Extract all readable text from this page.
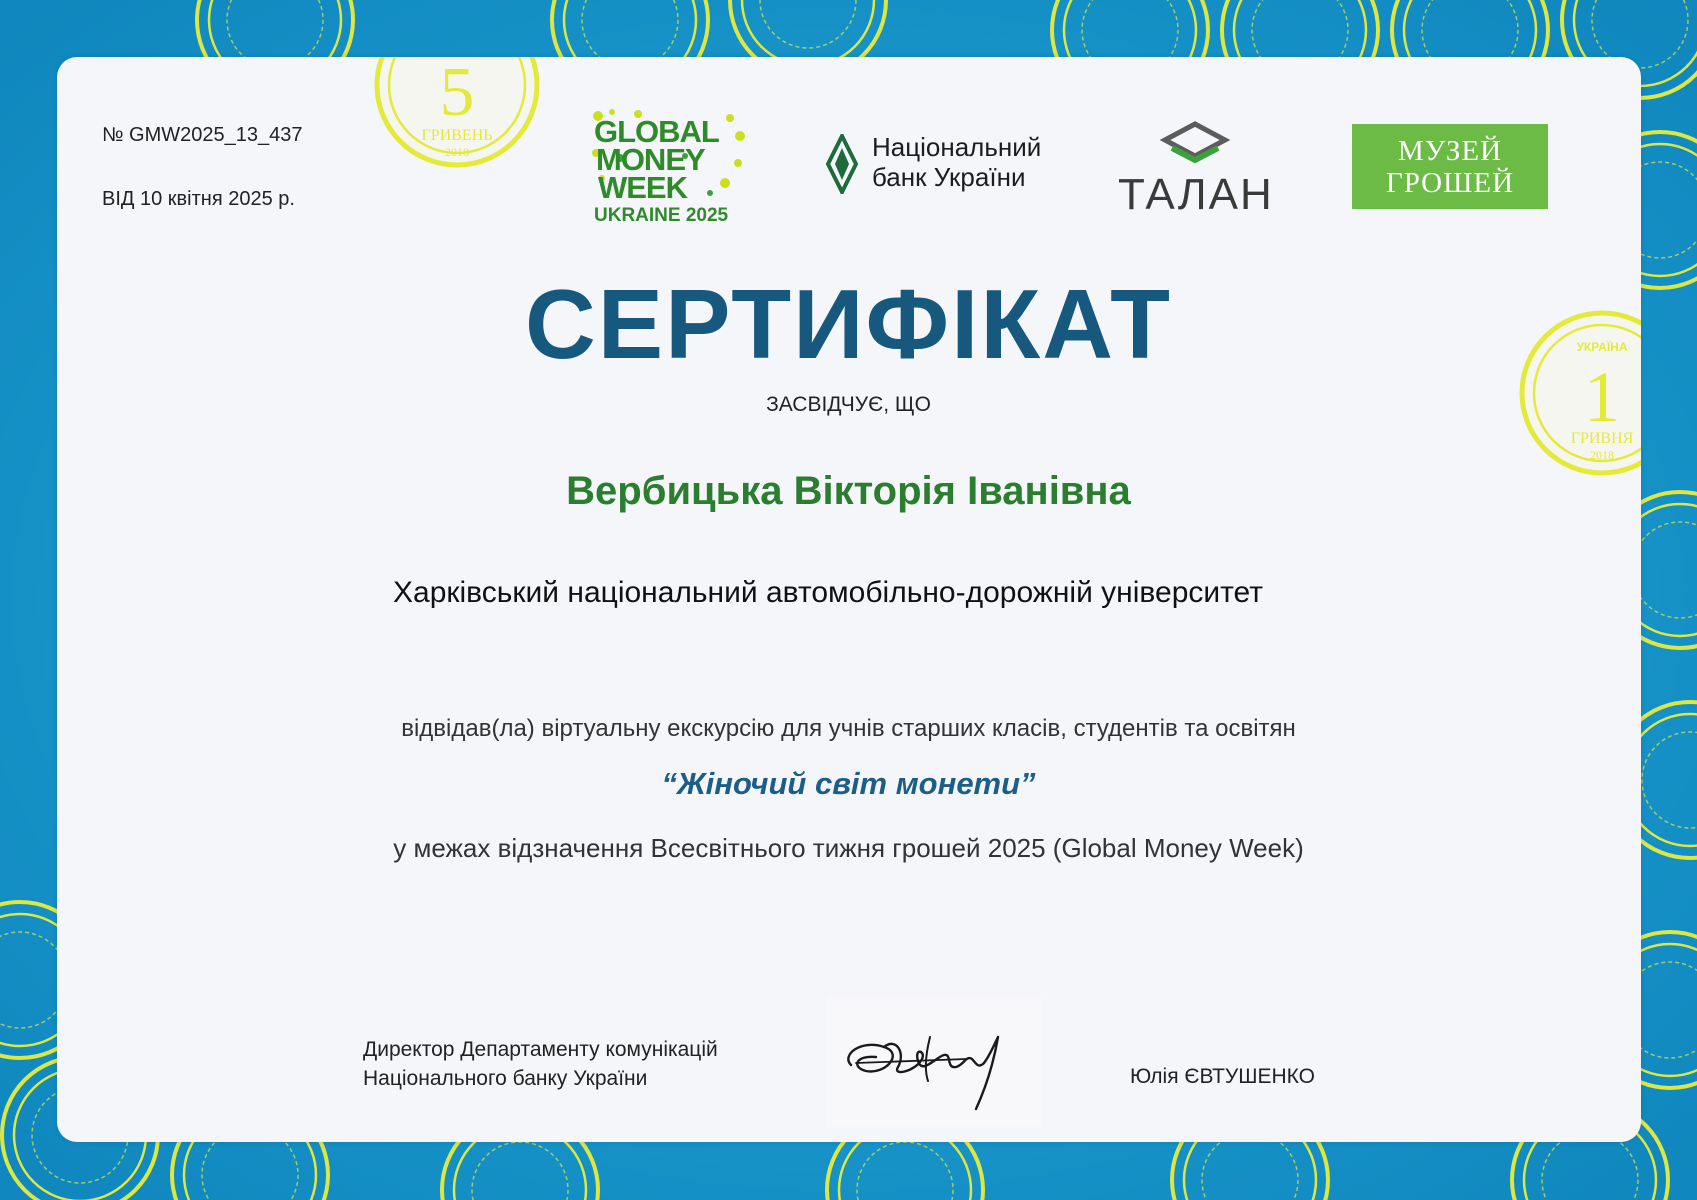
5
УКРАЇНА
ГРИВЕНЬ
2018
1
УКРАЇНА
ГРИВНЯ
2018
№ GMW2025_13_437
ВІД 10 квітня 2025 р.
GLOBAL
MONEY
WEEK
UKRAINE 2025
Національний
банк України	ТАЛАН
МУЗЕЙ
ГРОШЕЙ
СЕРТИФІКАТ
ЗАСВІДЧУЄ, ЩО
Вербицька Вікторія Іванівна
Харківський національний автомобільно-дорожній університет
відвідав(ла) віртуальну екскурсію для учнів старших класів, студентів та освітян
“Жіночий світ монети”
у межах відзначення Всесвітнього тижня грошей 2025 (Global Money Week)
Директор Департаменту комунікацій
Національного банку України	Юлія ЄВТУШЕНКО
